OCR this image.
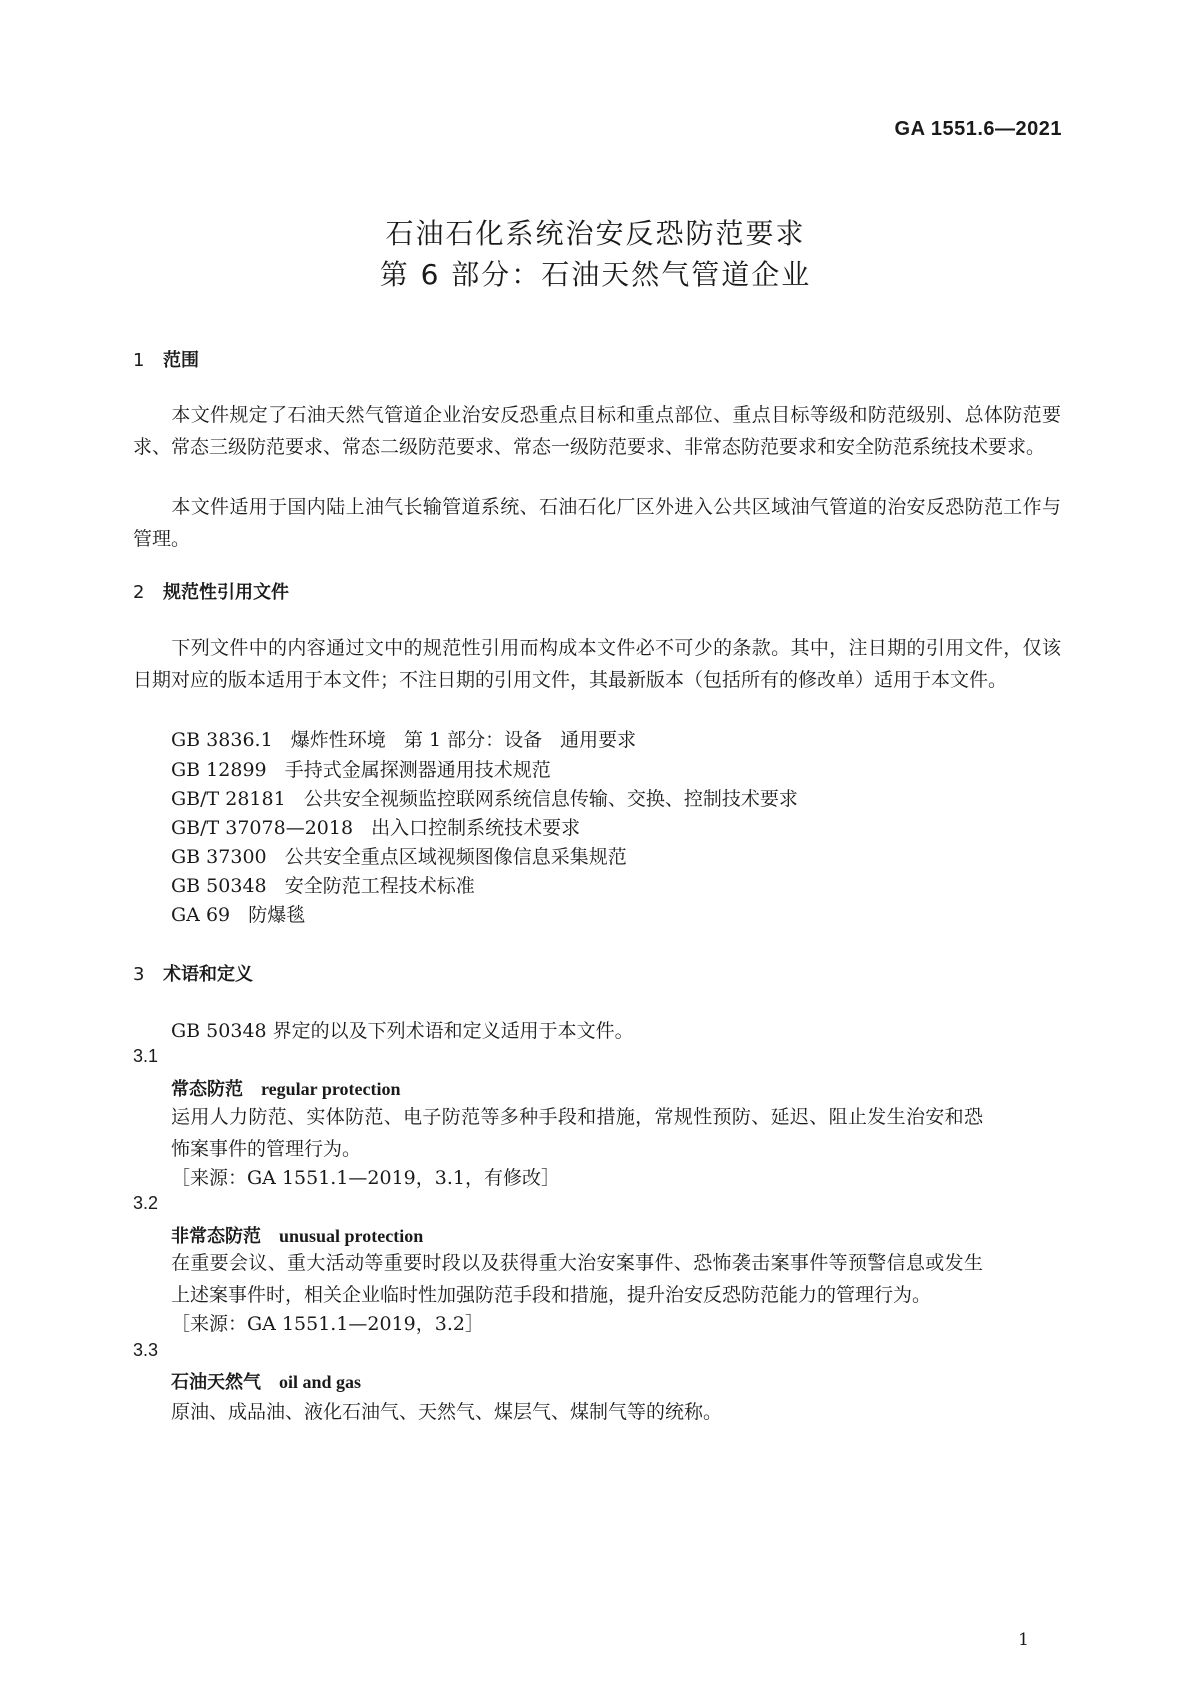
GA 1551.6—2021
石油石化系统治安反恐防范要求
第 6 部分：石油天然气管道企业
1 范围

本文件规定了石油天然气管道企业治安反恐重点目标和重点部位、重点目标等级和防范级别、总体防范要求、常态三级防范要求、常态二级防范要求、常态一级防范要求、非常态防范要求和安全防范系统技术要求。

本文件适用于国内陆上油气长输管道系统、石油石化厂区外进入公共区域油气管道的治安反恐防范工作与管理。

2 规范性引用文件

下列文件中的内容通过文中的规范性引用而构成本文件必不可少的条款。其中，注日期的引用文件，仅该日期对应的版本适用于本文件；不注日期的引用文件，其最新版本（包括所有的修改单）适用于本文件。

GB 3836.1   爆炸性环境   第 1 部分：设备   通用要求
GB 12899   手持式金属探测器通用技术规范
GB/T 28181   公共安全视频监控联网系统信息传输、交换、控制技术要求
GB/T 37078—2018   出入口控制系统技术要求
GB 37300   公共安全重点区域视频图像信息采集规范
GB 50348   安全防范工程技术标准
GA 69   防爆毯
3 术语和定义
GB 50348 界定的以及下列术语和定义适用于本文件。
3.1
常态防范 regular protection

运用人力防范、实体防范、电子防范等多种手段和措施，常规性预防、延迟、阻止发生治安和恐怖案事件的管理行为。

［来源：GA 1551.1—2019，3.1，有修改］
3.2
非常态防范 unusual protection

在重要会议、重大活动等重要时段以及获得重大治安案事件、恐怖袭击案事件等预警信息或发生上述案事件时，相关企业临时性加强防范手段和措施，提升治安反恐防范能力的管理行为。

［来源：GA 1551.1—2019，3.2］
3.3
石油天然气 oil and gas
原油、成品油、液化石油气、天然气、煤层气、煤制气等的统称。
1
